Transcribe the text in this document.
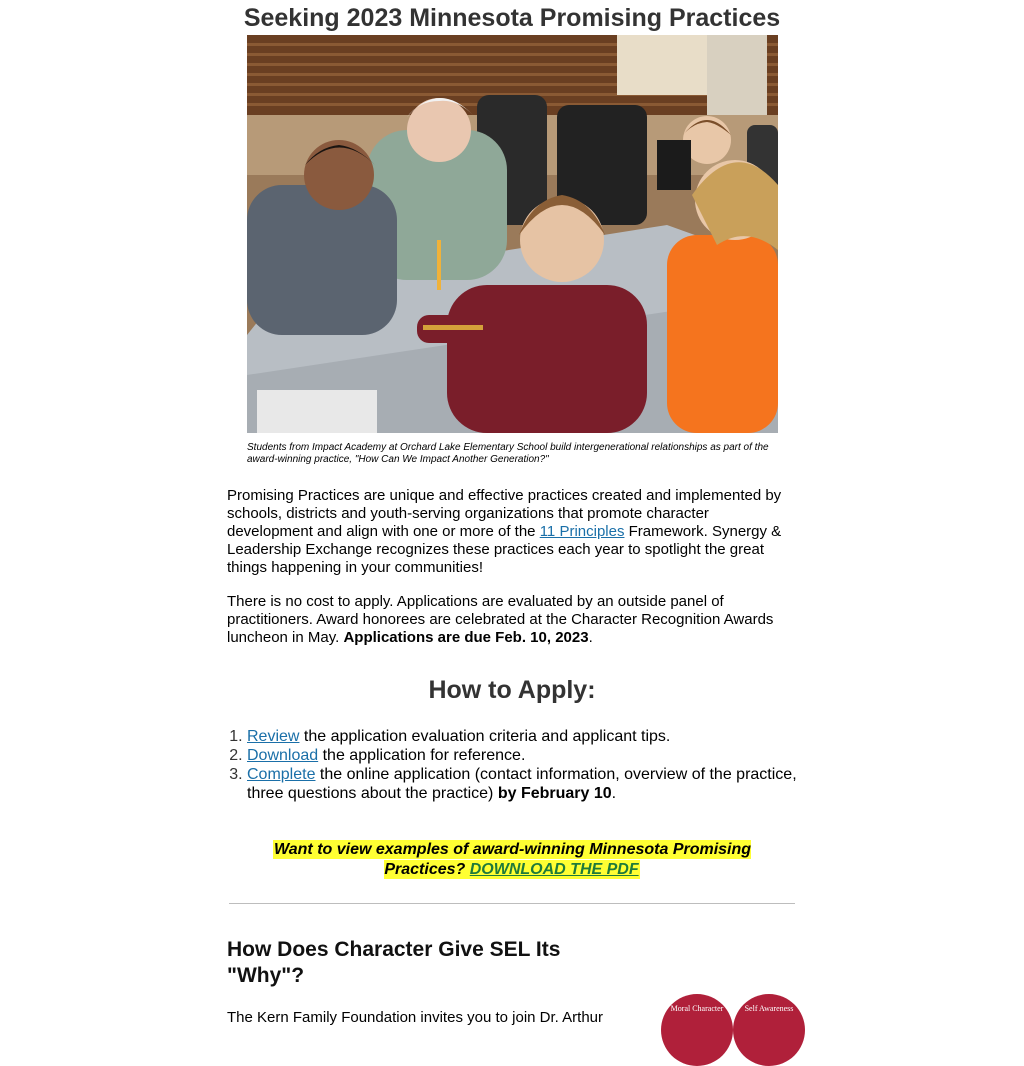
Seeking 2023 Minnesota Promising Practices
Students from Impact Academy at Orchard Lake Elementary School build intergenerational relationships as part of the award-winning practice, "How Can We Impact Another Generation?"

Promising Practices are unique and effective practices created and implemented by schools, districts and youth-serving organizations that promote character development and align with one or more of the 11 Principles Framework. Synergy & Leadership Exchange recognizes these practices each year to spotlight the great things happening in your communities!

There is no cost to apply. Applications are evaluated by an outside panel of practitioners. Award honorees are celebrated at the Character Recognition Awards luncheon in May. Applications are due Feb. 10, 2023.

How to Apply:
1. Review the application evaluation criteria and applicant tips.
2. Download the application for reference.
3. Complete the online application (contact information, overview of the practice, three questions about the practice) by February 10.
Want to view examples of award-winning Minnesota Promising Practices? DOWNLOAD THE PDF
How Does Character Give SEL Its "Why"?

The Kern Family Foundation invites you to join Dr. Arthur

Moral Character	Self Awareness
